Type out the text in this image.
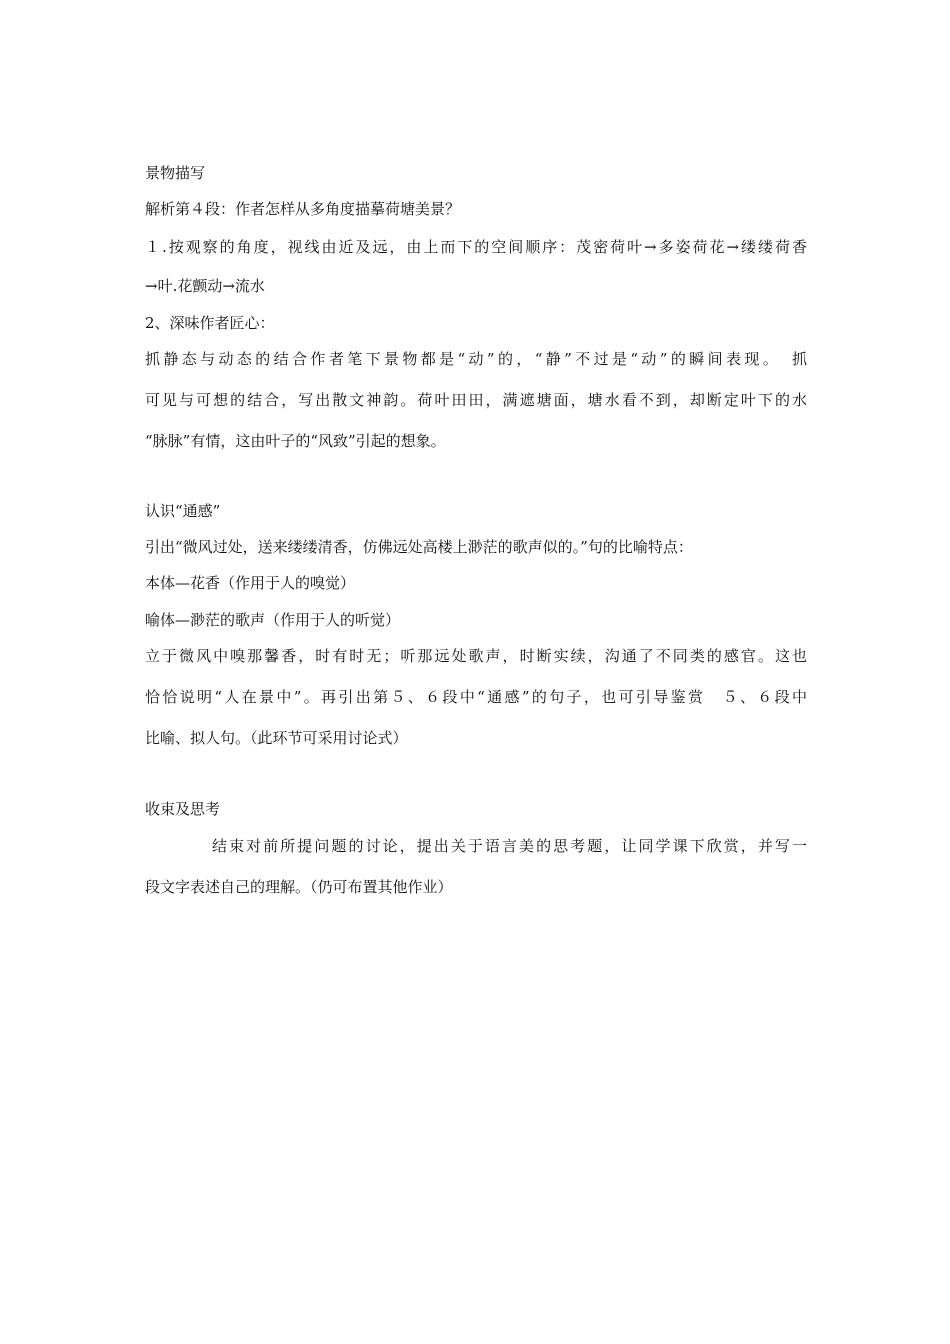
景物描写
解析第４段：作者怎样从多角度描摹荷塘美景？
１.按观察的角度，视线由近及远，由上而下的空间顺序：茂密荷叶→多姿荷花→缕缕荷香
→叶.花颤动→流水
2、深味作者匠心：
抓静态与动态的结合作者笔下景物都是“动”的，“静”不过是“动”的瞬间表现。　抓
可见与可想的结合，写出散文神韵。荷叶田田，满遮塘面，塘水看不到，却断定叶下的水
“脉脉”有情，这由叶子的“风致”引起的想象。
认识“通感”
引出“微风过处，送来缕缕清香，仿佛远处高楼上渺茫的歌声似的。”句的比喻特点：
本体—花香（作用于人的嗅觉）
喻体—渺茫的歌声（作用于人的听觉）
立于微风中嗅那馨香，时有时无；听那远处歌声，时断实续，沟通了不同类的感官。这也
恰恰说明“人在景中”。再引出第５、６段中“通感”的句子，也可引导鉴赏　５、６段中
比喻、拟人句。（此环节可采用讨论式）
收束及思考
结束对前所提问题的讨论，提出关于语言美的思考题，让同学课下欣赏，并写一
段文字表述自己的理解。（仍可布置其他作业）
